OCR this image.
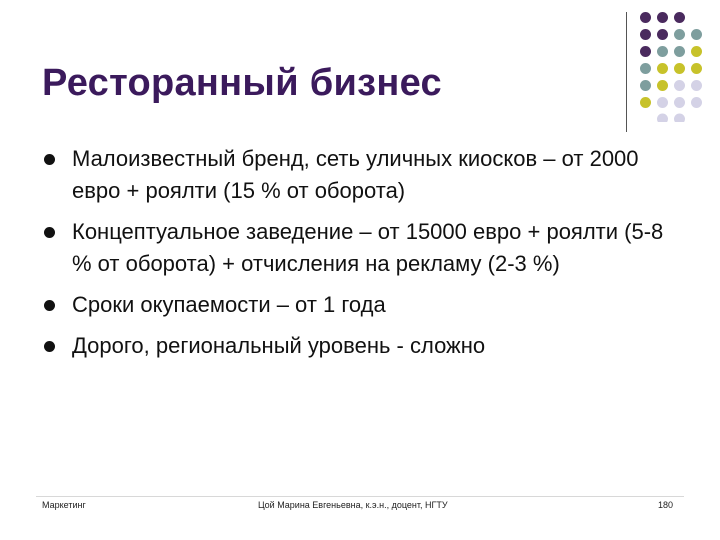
Ресторанный бизнес
Малоизвестный бренд, сеть уличных киосков – от 2000 евро + роялти (15 % от оборота)
Концептуальное заведение – от 15000 евро + роялти (5-8 % от оборота) + отчисления на рекламу (2-3 %)
Сроки окупаемости – от 1 года
Дорого, региональный уровень - сложно
Маркетинг	Цой Марина Евгеньевна, к.э.н., доцент, НГТУ	180
